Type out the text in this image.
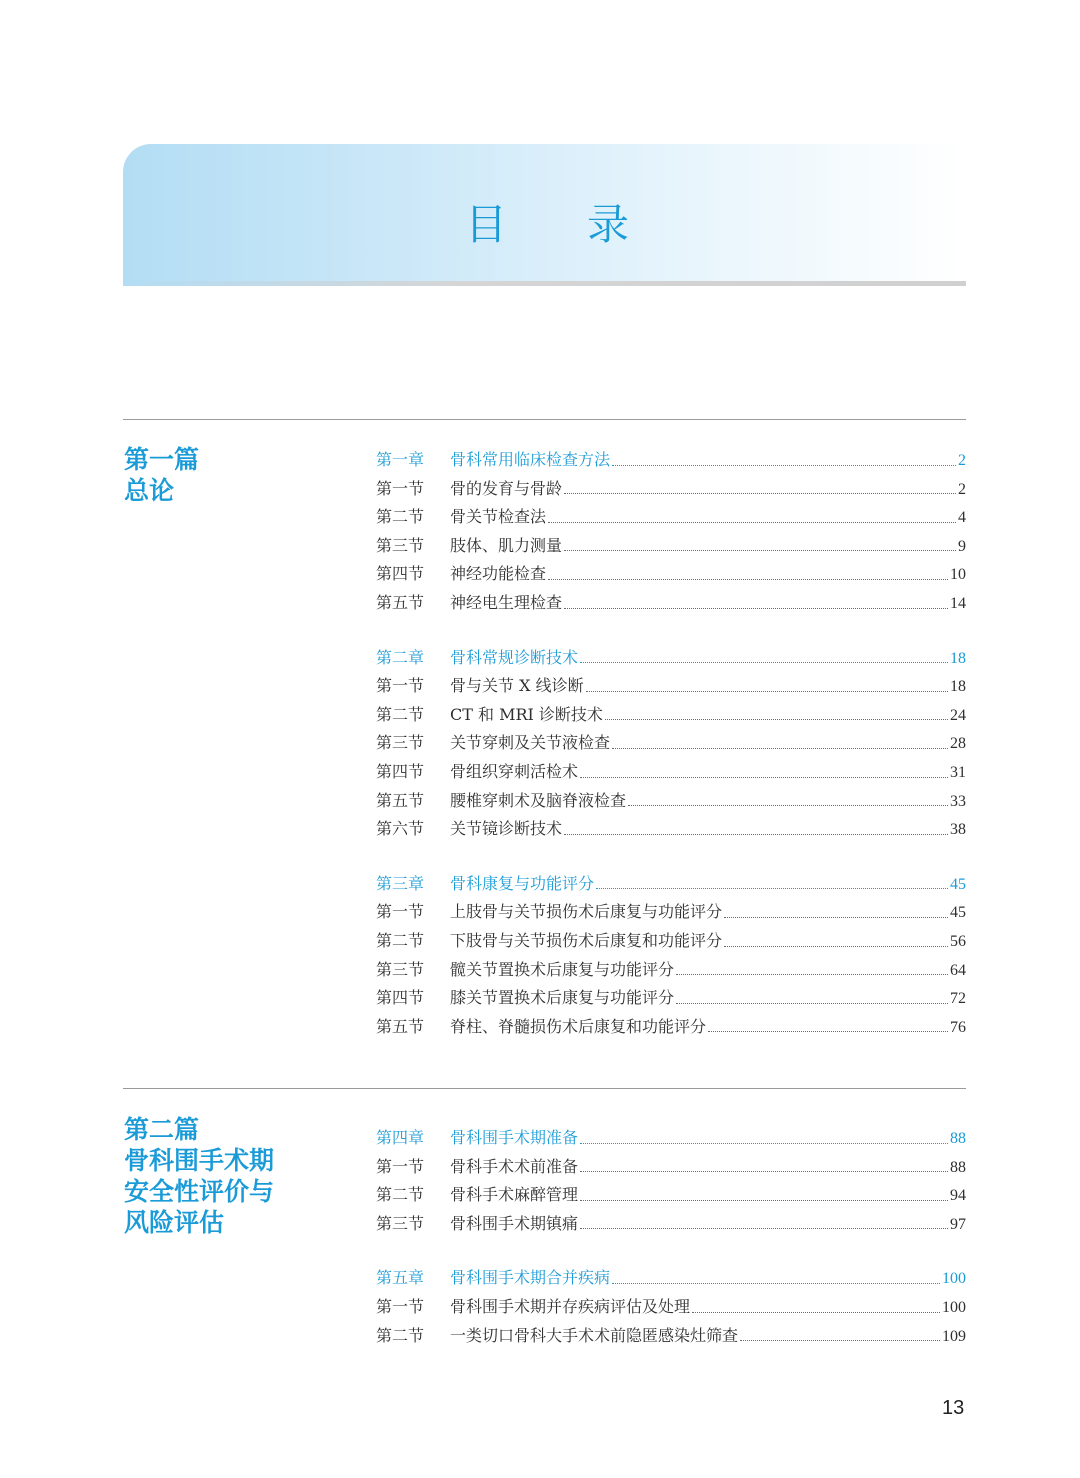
目 录
第一篇
总论
第一章	骨科常用临床检查方法	2
第一节	骨的发育与骨龄	2
第二节	骨关节检查法	4
第三节	肢体、肌力测量	9
第四节	神经功能检查	10
第五节	神经电生理检查	14
第二章	骨科常规诊断技术	18
第一节	骨与关节 X 线诊断	18
第二节	CT 和 MRI 诊断技术	24
第三节	关节穿刺及关节液检查	28
第四节	骨组织穿刺活检术	31
第五节	腰椎穿刺术及脑脊液检查	33
第六节	关节镜诊断技术	38
第三章	骨科康复与功能评分	45
第一节	上肢骨与关节损伤术后康复与功能评分	45
第二节	下肢骨与关节损伤术后康复和功能评分	56
第三节	髋关节置换术后康复与功能评分	64
第四节	膝关节置换术后康复与功能评分	72
第五节	脊柱、脊髓损伤术后康复和功能评分	76
第二篇
骨科围手术期
安全性评价与
风险评估
第四章	骨科围手术期准备	88
第一节	骨科手术术前准备	88
第二节	骨科手术麻醉管理	94
第三节	骨科围手术期镇痛	97
第五章	骨科围手术期合并疾病	100
第一节	骨科围手术期并存疾病评估及处理	100
第二节	一类切口骨科大手术术前隐匿感染灶筛查	109
13
